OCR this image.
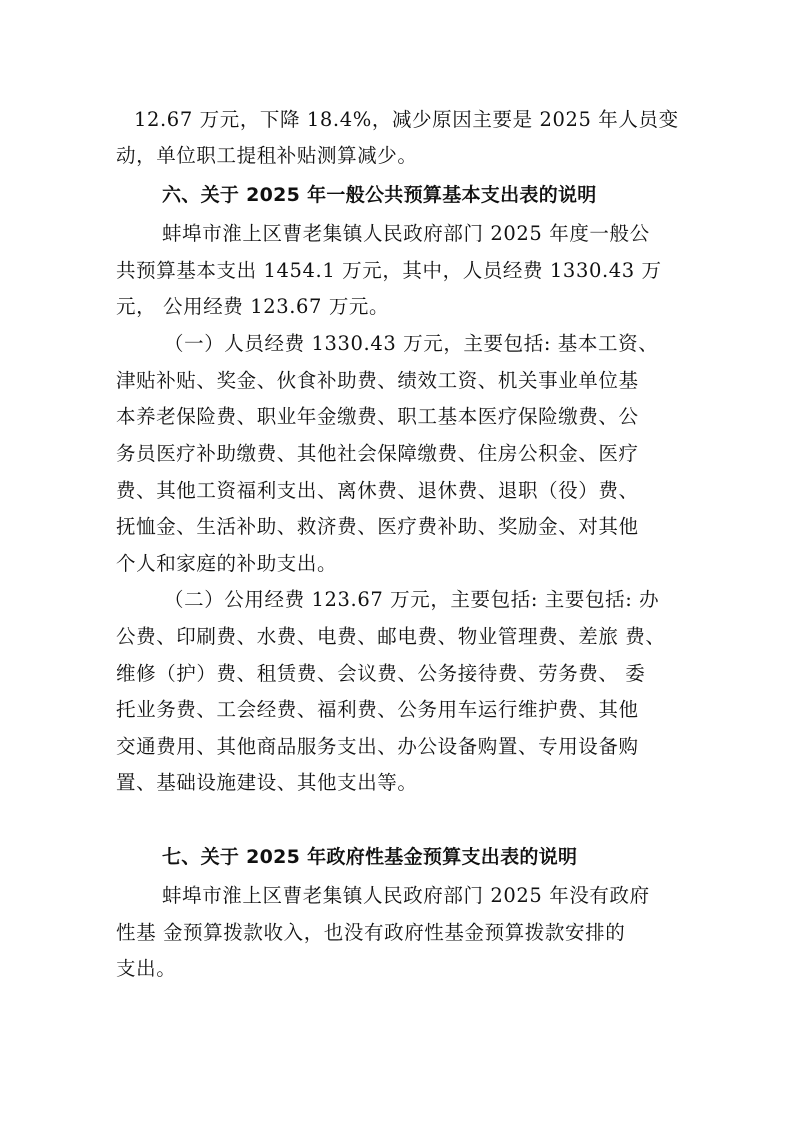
12.67 万元，下降 18.4%，减少原因主要是 2025 年人员变
动，单位职工提租补贴测算减少。
六、关于 2025 年一般公共预算基本支出表的说明
蚌埠市淮上区曹老集镇人民政府部门 2025 年度一般公
共预算基本支出 1454.1 万元，其中，人员经费 1330.43 万
元， 公用经费 123.67 万元。
（一）人员经费 1330.43 万元，主要包括: 基本工资、
津贴补贴、奖金、伙食补助费、绩效工资、机关事业单位基
本养老保险费、职业年金缴费、职工基本医疗保险缴费、公
务员医疗补助缴费、其他社会保障缴费、住房公积金、医疗
费、其他工资福利支出、离休费、退休费、退职（役）费、
抚恤金、生活补助、救济费、医疗费补助、奖励金、对其他
个人和家庭的补助支出。
（二）公用经费 123.67 万元，主要包括: 主要包括: 办
公费、印刷费、水费、电费、邮电费、物业管理费、差旅 费、
维修（护）费、租赁费、会议费、公务接待费、劳务费、 委
托业务费、工会经费、福利费、公务用车运行维护费、其他
交通费用、其他商品服务支出、办公设备购置、专用设备购
置、基础设施建设、其他支出等。
七、关于 2025 年政府性基金预算支出表的说明
蚌埠市淮上区曹老集镇人民政府部门 2025 年没有政府
性基 金预算拨款收入，也没有政府性基金预算拨款安排的
支出。
